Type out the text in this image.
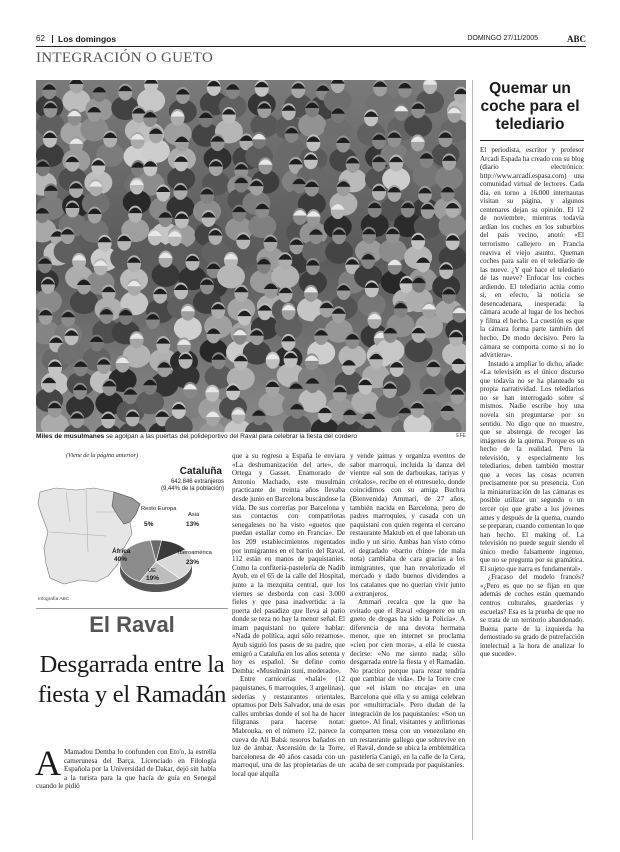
62 Los domingos	DOMINGO 27/11/2005	ABC
INTEGRACIÓN O GUETO
Miles de musulmanes se agolpan a las puertas del polideportivo del Raval para celebrar la fiesta del cordero	EFE
Quemar un coche para el telediario

El periodista, escritor y profesor Arcadi Espada ha creado con su blog (diario electrónico: http://www.arcadi.espasa.com) una comunidad virtual de lectores. Cada día, en torno a 16.000 internautas visitan su página, y algunos centenares dejan su opinión. El 12 de noviembre, mientras todavía ardían los coches en los suburbios del país vecino, anotó: «El terrorismo callejero en Francia reaviva el viejo asunto. Queman coches para salir en el telediario de las nueve. ¿Y qué hace el telediario de las nueve? Enfocar los coches ardiendo. El telediario actúa como si, en efecto, la noticia se desencadenara, inesperada: la cámara acude al lugar de los hechos y filma el hecho. La cuestión es que la cámara forma parte también del hecho. De modo decisivo. Pero la cámara se comporta como si no lo advirtiera».

Instado a ampliar lo dicho, añade: «La televisión es el único discurso que todavía no se ha planteado su propia narratividad. Los telediarios no se han interrogado sobre sí mismos. Nadie escribe hoy una novela sin preguntarse por su sentido. No digo que no muestre, que se abstenga de recoger las imágenes de la quema. Porque es un hecho de la realidad. Pero la televisión, y especialmente los telediarios, deben también mostrar que a veces las cosas ocurren precisamente por su presencia. Con la miniaturización de las cámaras es posible utilizar un segundo o un tercer ojo que grabe a los jóvenes antes y después de la quema, cuando se preparan, cuando comentan lo que han hecho. El making of. La televisión no puede seguir siendo el único medio falsamente ingenuo, que no se pregunta por su gramática. El sujeto que narra es fundamental».

¿Fracaso del modelo francés? «¿Pero es que no se fijan en que además de coches están quemando centros culturales, guarderías y escuelas? Esa es la prueba de que no se trata de un territorio abandonado. Buena parte de la izquierda ha demostrado su grado de putrefacción intelectual a la hora de analizar lo que sucede».

(Viene de la página anterior)
Cataluña
642.846 extranjeros
(9,44% de la población)
Resto Europa
5%
Asia
13%
Iberoamérica
23%
UE
19%
África
40%
Infografía ABC
El Raval
Desgarrada entre la fiesta y el Ramadán
A Mamadou Demba lo confunden con Eto'o, la estrella camerunesa del Barça. Licenciado en Filología Española por la Universidad de Dakar, dejó sin habla a la turista para la que hacía de guía en Senegal cuando le pidió

que a su regreso a España le enviara «La deshumanización del arte», de Ortega y Gasset. Enamorado de Antonio Machado, este musulmán practicante de treinta años llevaba desde junio en Barcelona buscándose la vida. De sus correrías por Barcelona y sus contactos con compatriotas senegaleses no ha visto «guetos que puedan estallar como en Francia». De los 209 establecimientos regentados por inmigrantes en el barrio del Raval, 112 están en manos de paquistaníes. Como la confitería-pastelería de Nadib Ayub, en el 65 de la calle del Hospital, junto a la mezquita central, que los viernes se desborda con casi 3.000 fieles y que pasa inadvertida: a la puerta del pasadizo que lleva al patio donde se reza no hay la menor señal. El imam paquistaní no quiere hablar: «Nada de política, aquí sólo rezamos». Ayub siguió los pasos de su padre, que emigró a Cataluña en los años setenta y hoy es español. Se define como Demba: «Musulmán suni, moderado».

Entre carnicerías «halal» (12 paquistanes, 6 marroquíes, 3 argelinas), sederías y restaurantes orientales, optamos por Dels Salvador, una de esas calles umbrías donde el sol ha de hacer filigranas para hacerse notar. Mabrouka, en el número 12, parece la cueva de Alí Babá: tesoros bañados en luz de ámbar. Ascensión de la Torre, barcelonesa de 40 años casada con un marroquí, una de las propietarias de un local que alquila

y vende jaimas y organiza eventos de sabor marroquí, incluida la danza del vientre «al son de darboukas, tariyas y crótalos», recibe en el entresuelo, donde coincidimos con su amiga Buchra (Bienvenida) Ammari, de 27 años, también nacida en Barcelona, pero de padres marroquíes, y casada con un paquistaní con quien regenta el cercano restaurante Maktub en el que laboran un indio y un sirio. Ambas han visto cómo el degradado «barrio chino» (de mala nota) cambiaba de cara gracias a los inmigrantes, que han revalorizado el mercado y dado buenos dividendos a los catalanes que no querían vivir junto a extranjeros.

Ammari recalca que la que ha evitado que el Raval «degenere en un gueto de drogas ha sido la Policía». A diferencia de una devota hermana menor, que en internet se proclama «cien por cien mora», a ella le cuesta decirse: «No me siento nada; sólo desgarrada entre la fiesta y el Ramadán. No practico porque para rezar tendría que cambiar de vida». De la Torre cree que «el islam no encaja» en una Barcelona que ella y su amiga celebran por «multirracial». Pero dudan de la integración de los paquistaníes: «Son un gueto». Al final, visitantes y anfitrionas comparten mesa con un venezolano en un restaurante gallego que sobrevive en el Raval, donde se ubica la emblemática pastelería Canigó, en la calle de la Cera, acaba de ser comprada por paquistaníes.
